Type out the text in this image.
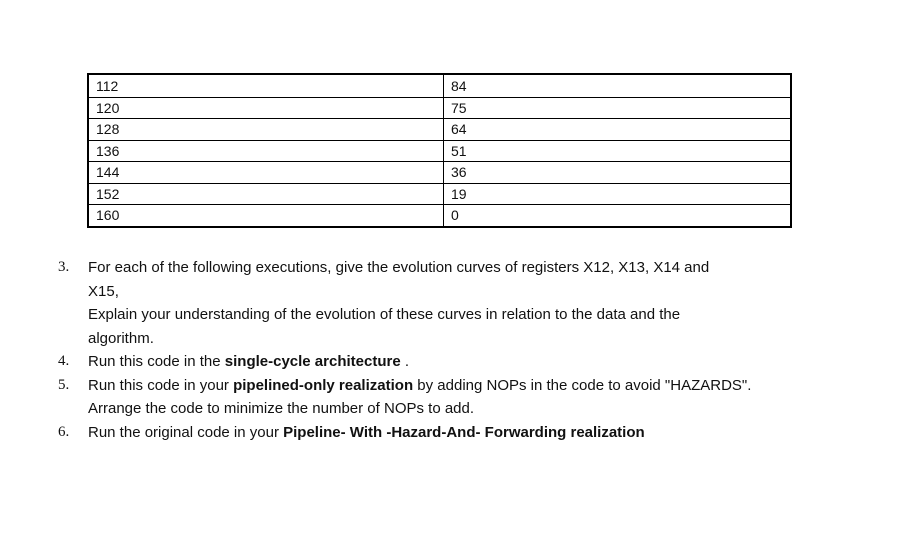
112	84
120	75
128	64
136	51
144	36
152	19
160	0
3. For each of the following executions, give the evolution curves of registers X12, X13, X14 and
X15,
Explain your understanding of the evolution of these curves in relation to the data and the
algorithm.
4. Run this code in the single-cycle architecture .
5. Run this code in your pipelined-only realization by adding NOPs in the code to avoid "HAZARDS".
Arrange the code to minimize the number of NOPs to add.
6. Run the original code in your Pipeline- With -Hazard-And- Forwarding realization
